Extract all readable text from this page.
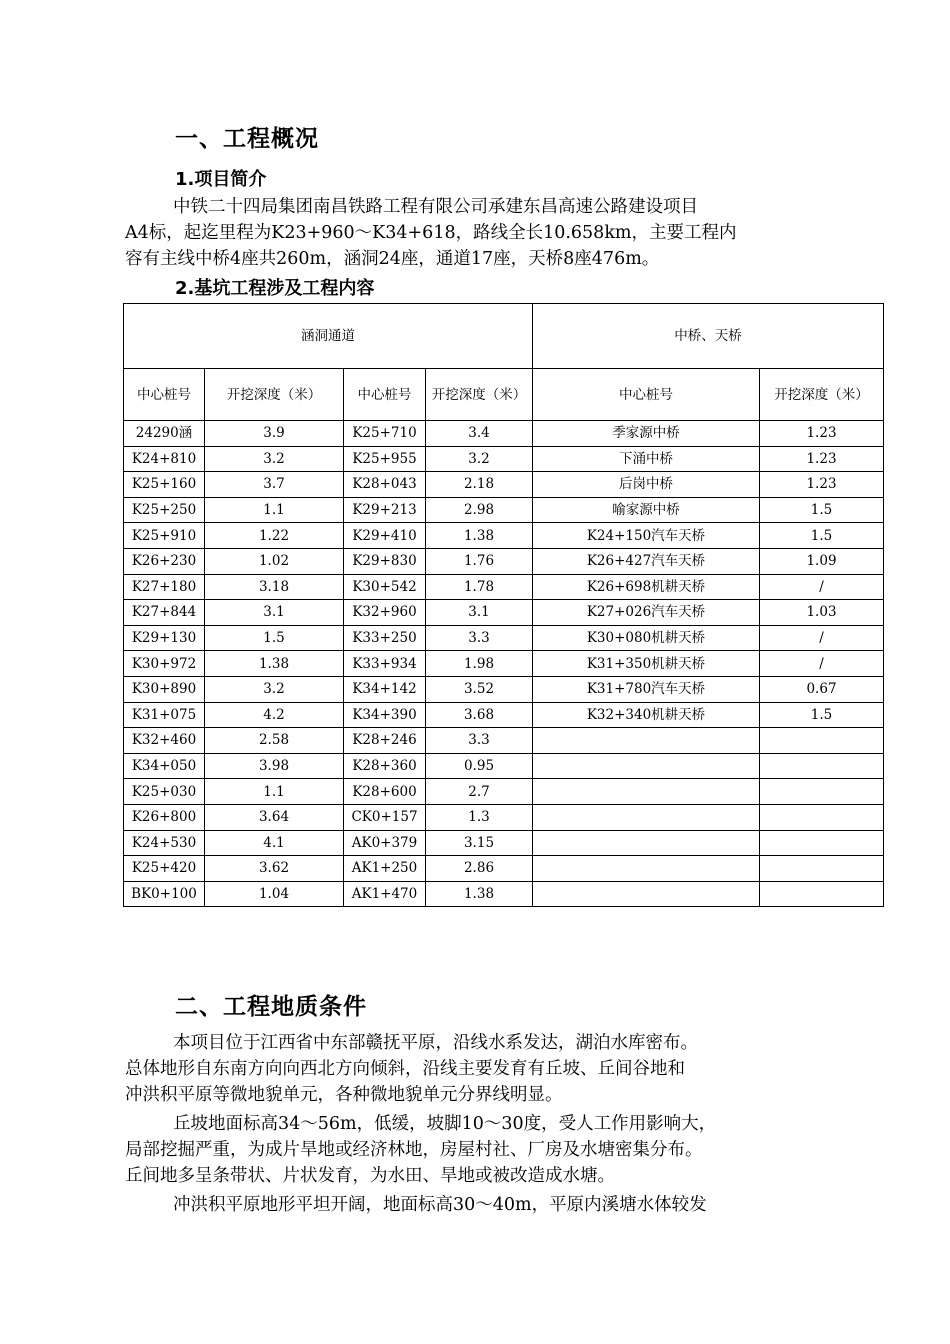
一、工程概况
1.项目简介

中铁二十四局集团南昌铁路工程有限公司承建东昌高速公路建设项目
A4标，起迄里程为K23+960～K34+618，路线全长10.658km，主要工程内
容有主线中桥4座共260m，涵洞24座，通道17座，天桥8座476m。

2.基坑工程涉及工程内容
涵洞通道				中桥、天桥	
中心桩号	开挖深度（米）	中心桩号	开挖深度（米）	中心桩号	开挖深度（米）
24290涵	3.9	K25+710	3.4	季家源中桥	1.23
K24+810	3.2	K25+955	3.2	下涌中桥	1.23
K25+160	3.7	K28+043	2.18	后岗中桥	1.23
K25+250	1.1	K29+213	2.98	喻家源中桥	1.5
K25+910	1.22	K29+410	1.38	K24+150汽车天桥	1.5
K26+230	1.02	K29+830	1.76	K26+427汽车天桥	1.09
K27+180	3.18	K30+542	1.78	K26+698机耕天桥	/
K27+844	3.1	K32+960	3.1	K27+026汽车天桥	1.03
K29+130	1.5	K33+250	3.3	K30+080机耕天桥	/
K30+972	1.38	K33+934	1.98	K31+350机耕天桥	/
K30+890	3.2	K34+142	3.52	K31+780汽车天桥	0.67
K31+075	4.2	K34+390	3.68	K32+340机耕天桥	1.5
K32+460	2.58	K28+246	3.3		
K34+050	3.98	K28+360	0.95		
K25+030	1.1	K28+600	2.7		
K26+800	3.64	CK0+157	1.3		
K24+530	4.1	AK0+379	3.15		
K25+420	3.62	AK1+250	2.86		
BK0+100	1.04	AK1+470	1.38		
二、工程地质条件

本项目位于江西省中东部赣抚平原，沿线水系发达，湖泊水库密布。
总体地形自东南方向向西北方向倾斜，沿线主要发育有丘坡、丘间谷地和
冲洪积平原等微地貌单元，各种微地貌单元分界线明显。

丘坡地面标高34～56m，低缓，坡脚10～30度，受人工作用影响大，
局部挖掘严重，为成片旱地或经济林地，房屋村社、厂房及水塘密集分布。
丘间地多呈条带状、片状发育，为水田、旱地或被改造成水塘。

冲洪积平原地形平坦开阔，地面标高30～40m，平原内溪塘水体较发
